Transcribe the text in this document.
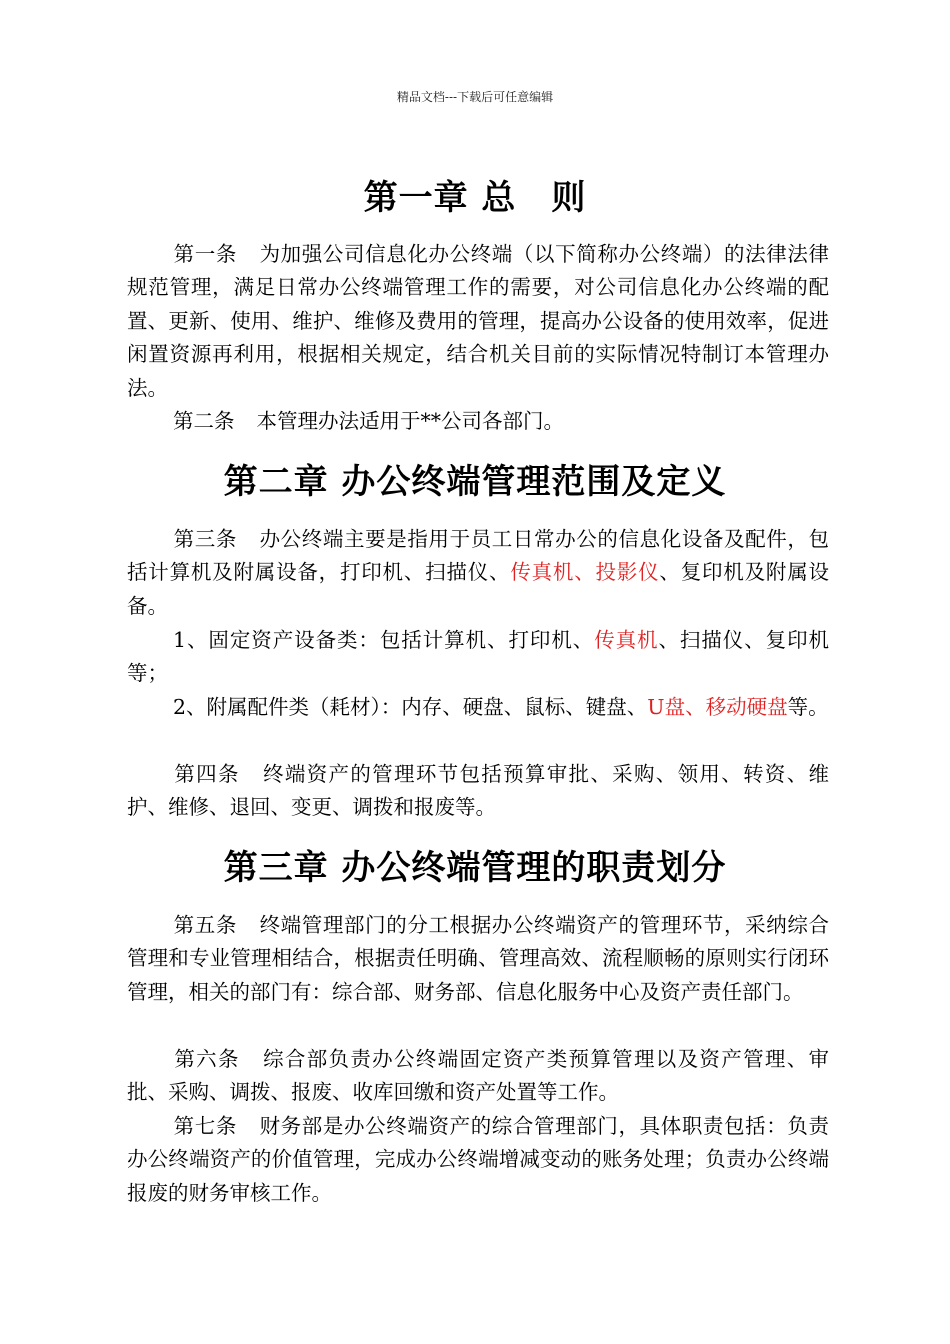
精品文档---下载后可任意编辑
第一章 总　则
第一条 为加强公司信息化办公终端（以下简称办公终端）的法律法律规范管理，满足日常办公终端管理工作的需要，对公司信息化办公终端的配置、更新、使用、维护、维修及费用的管理，提高办公设备的使用效率，促进闲置资源再利用，根据相关规定，结合机关目前的实际情况特制订本管理办法。
第二条 本管理办法适用于**公司各部门。
第二章 办公终端管理范围及定义
第三条 办公终端主要是指用于员工日常办公的信息化设备及配件，包括计算机及附属设备，打印机、扫描仪、传真机、投影仪、复印机及附属设备。
1、固定资产设备类：包括计算机、打印机、传真机、扫描仪、复印机等；
2、附属配件类（耗材）：内存、硬盘、鼠标、键盘、U盘、移动硬盘等。
第四条 终端资产的管理环节包括预算审批、采购、领用、转资、维护、维修、退回、变更、调拨和报废等。
第三章 办公终端管理的职责划分
第五条 终端管理部门的分工根据办公终端资产的管理环节，采纳综合管理和专业管理相结合，根据责任明确、管理高效、流程顺畅的原则实行闭环管理，相关的部门有：综合部、财务部、信息化服务中心及资产责任部门。
第六条 综合部负责办公终端固定资产类预算管理以及资产管理、审批、采购、调拨、报废、收库回缴和资产处置等工作。
第七条 财务部是办公终端资产的综合管理部门，具体职责包括：负责办公终端资产的价值管理，完成办公终端增减变动的账务处理；负责办公终端报废的财务审核工作。
